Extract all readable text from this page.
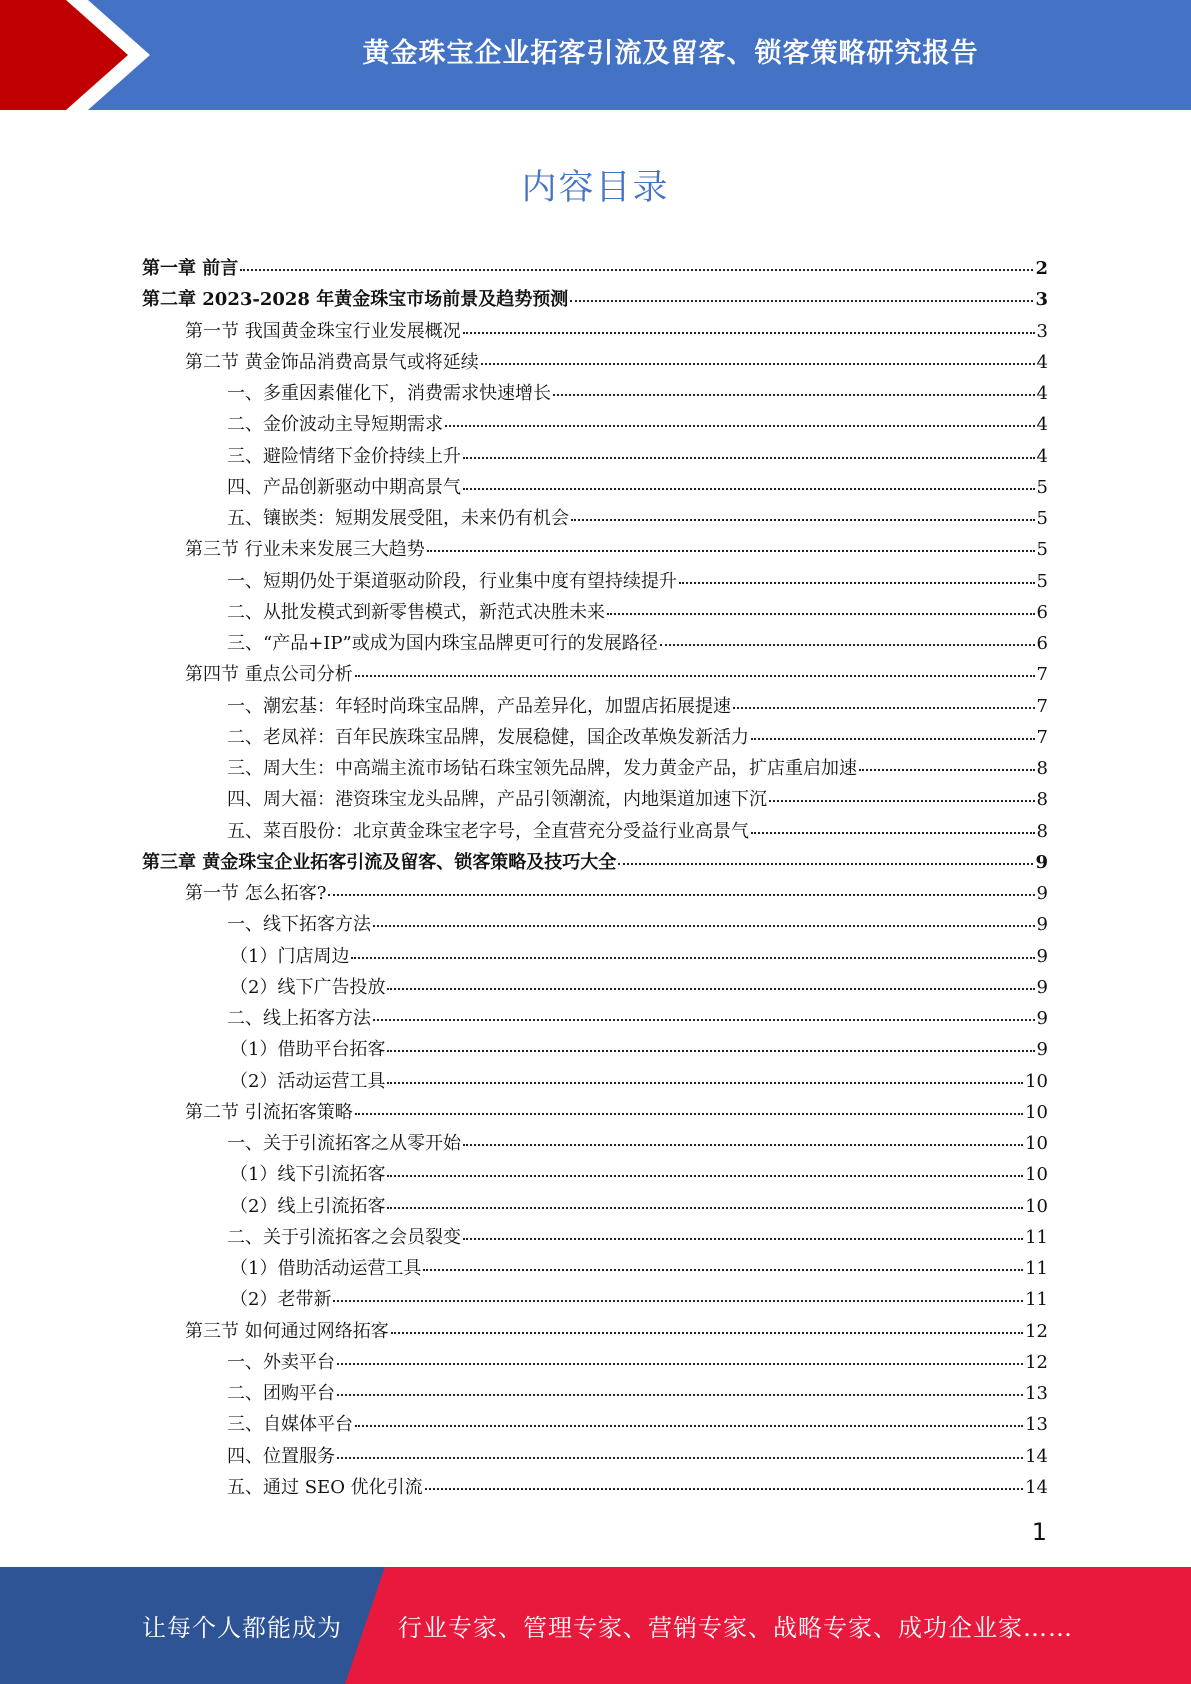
黄金珠宝企业拓客引流及留客、锁客策略研究报告
内容目录
第一章 前言	2
第二章 2023-2028 年黄金珠宝市场前景及趋势预测	3
第一节 我国黄金珠宝行业发展概况	3
第二节 黄金饰品消费高景气或将延续	4
一、多重因素催化下，消费需求快速增长	4
二、金价波动主导短期需求	4
三、避险情绪下金价持续上升	4
四、产品创新驱动中期高景气	5
五、镶嵌类：短期发展受阻，未来仍有机会	5
第三节 行业未来发展三大趋势	5
一、短期仍处于渠道驱动阶段，行业集中度有望持续提升	5
二、从批发模式到新零售模式，新范式决胜未来	6
三、“产品+IP”或成为国内珠宝品牌更可行的发展路径	6
第四节 重点公司分析	7
一、潮宏基：年轻时尚珠宝品牌，产品差异化，加盟店拓展提速	7
二、老凤祥：百年民族珠宝品牌，发展稳健，国企改革焕发新活力	7
三、周大生：中高端主流市场钻石珠宝领先品牌，发力黄金产品，扩店重启加速	8
四、周大福：港资珠宝龙头品牌，产品引领潮流，内地渠道加速下沉	8
五、菜百股份：北京黄金珠宝老字号，全直营充分受益行业高景气	8
第三章 黄金珠宝企业拓客引流及留客、锁客策略及技巧大全	9
第一节 怎么拓客?	9
一、线下拓客方法	9
（1）门店周边	9
（2）线下广告投放	9
二、线上拓客方法	9
（1）借助平台拓客	9
（2）活动运营工具	10
第二节 引流拓客策略	10
一、关于引流拓客之从零开始	10
（1）线下引流拓客	10
（2）线上引流拓客	10
二、关于引流拓客之会员裂变	11
（1）借助活动运营工具	11
（2）老带新	11
第三节 如何通过网络拓客	12
一、外卖平台	12
二、团购平台	13
三、自媒体平台	13
四、位置服务	14
五、通过 SEO 优化引流	14
1
让每个人都能成为 行业专家、管理专家、营销专家、战略专家、成功企业家……
